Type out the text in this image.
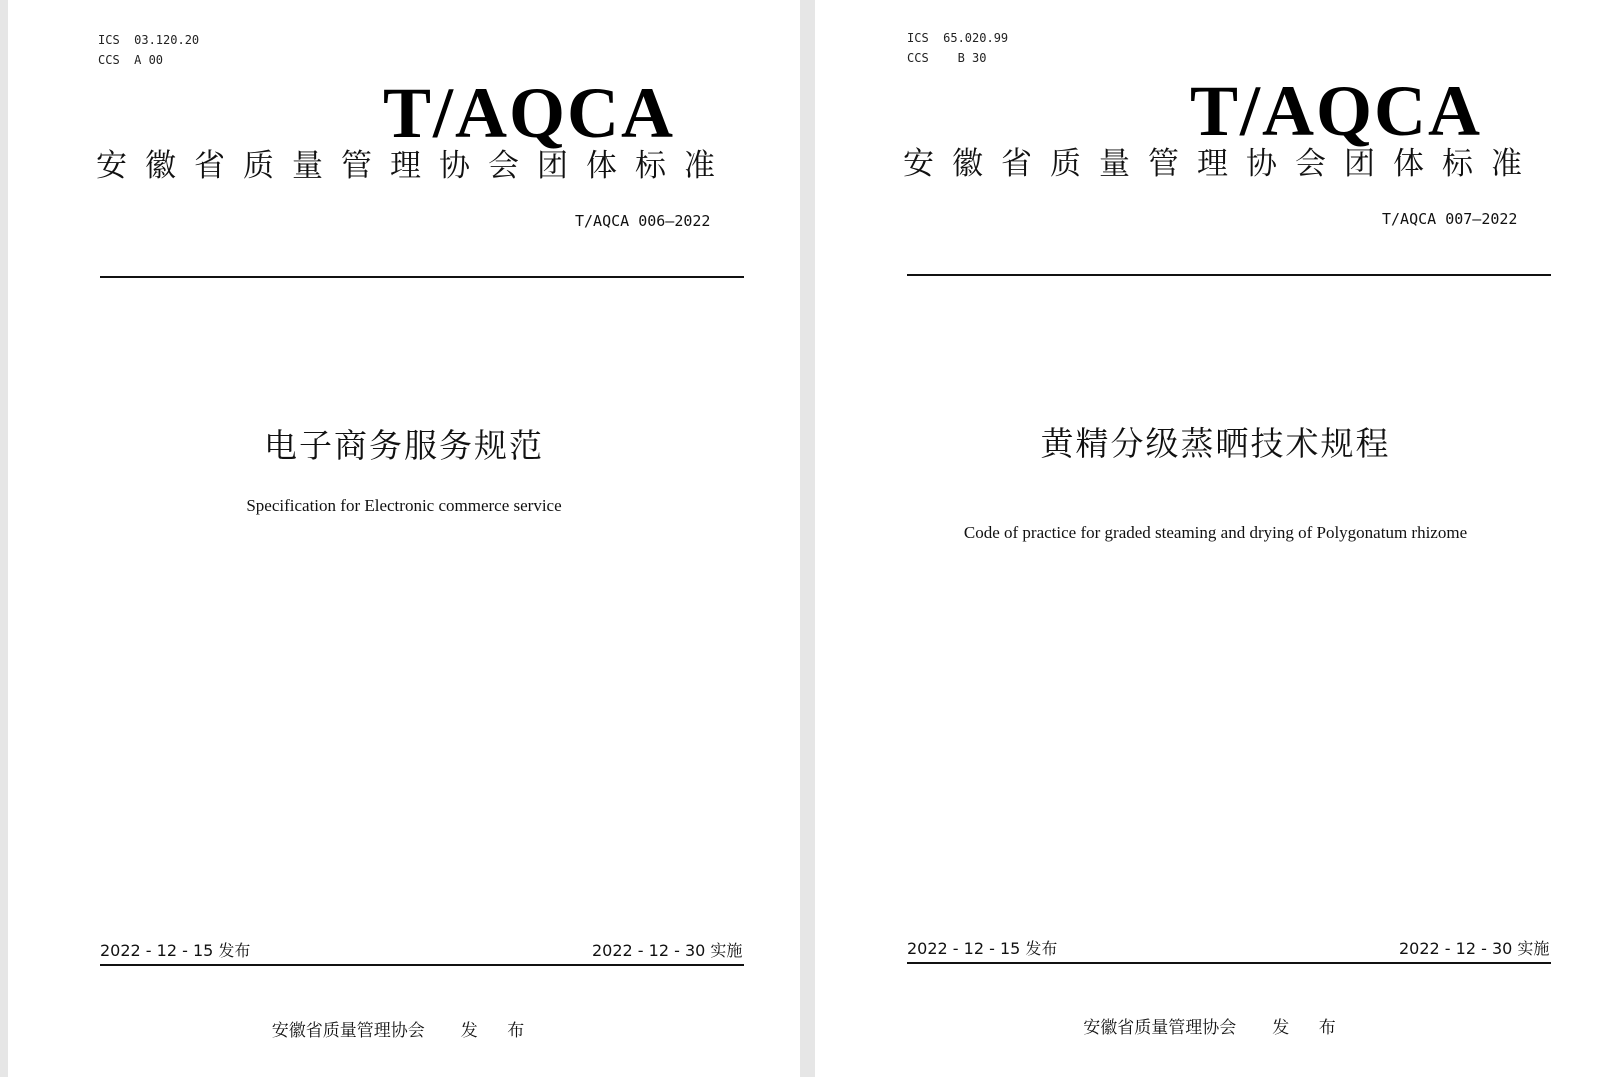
ICS  03.120.20
CCS  A 00
T/AQCA
安徽省质量管理协会团体标准
T/AQCA 006—2022
电子商务服务规范
Specification for Electronic commerce service
2022 - 12 - 15 发布	2022 - 12 - 30 实施
安徽省质量管理协会 发 布
ICS  65.020.99
CCS    B 30
T/AQCA
安徽省质量管理协会团体标准
T/AQCA 007—2022
黄精分级蒸晒技术规程
Code of practice for graded steaming and drying of Polygonatum rhizome
2022 - 12 - 15 发布	2022 - 12 - 30 实施
安徽省质量管理协会 发 布
